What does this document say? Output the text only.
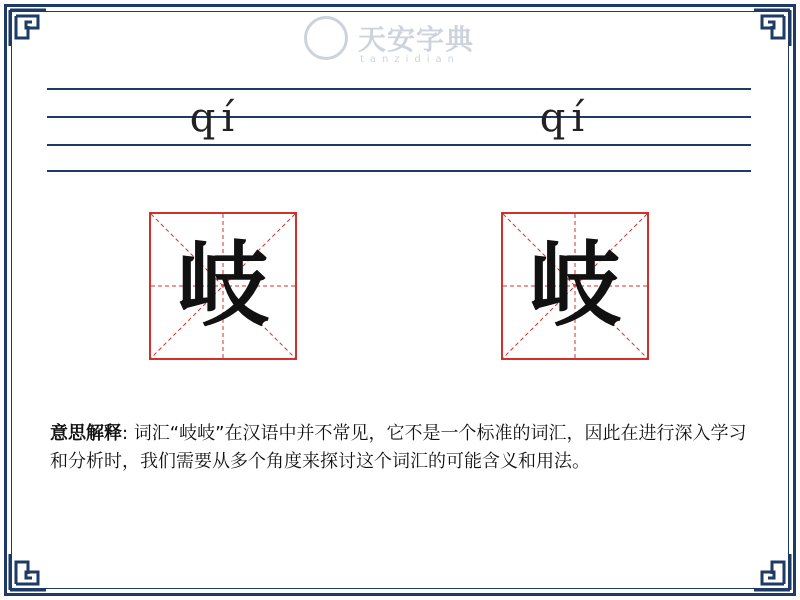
天安字典
tanzidian
qí	qí
岐	岐
意思解释: 词汇“岐岐”在汉语中并不常见，它不是一个标准的词汇，因此在进行深入学习和分析时，我们需要从多个角度来探讨这个词汇的可能含义和用法。
